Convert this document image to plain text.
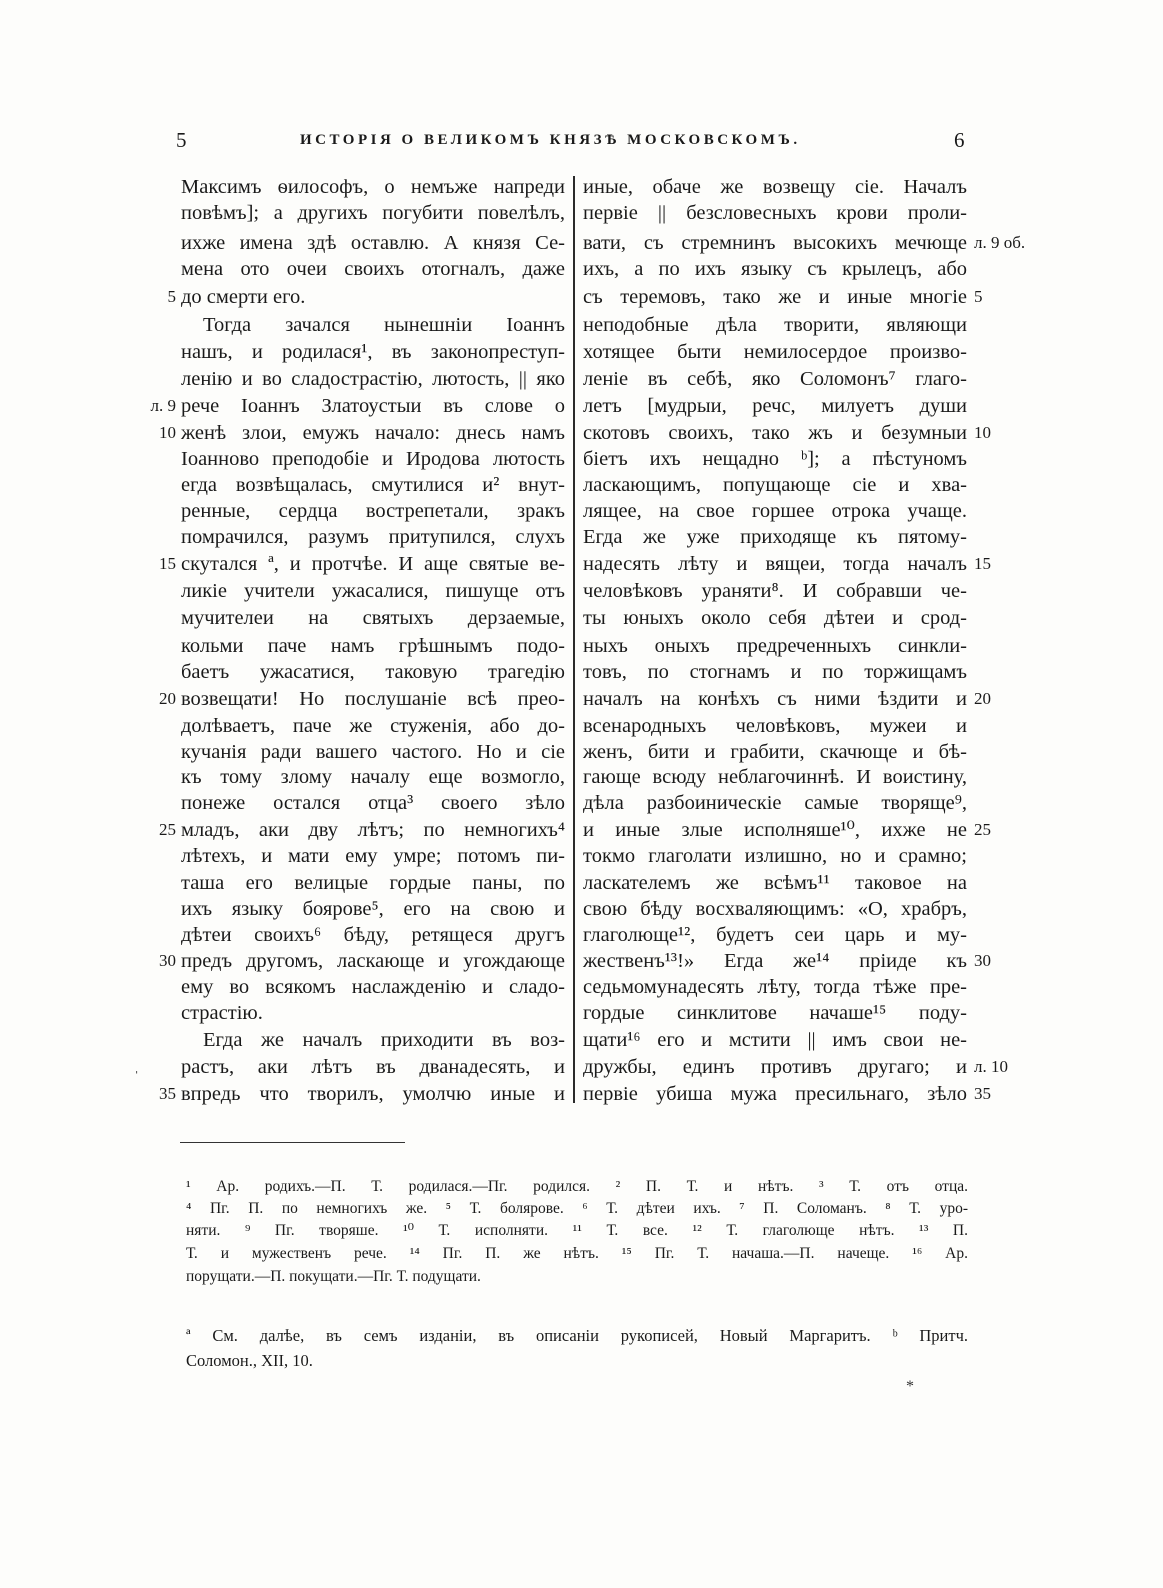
5	ИСТОРІЯ О ВЕЛИКОМЪ КНЯЗѢ МОСКОВСКОМЪ.	6
Максимъ ѳилософъ, о немъже напреди
повѣмъ]; а другихъ погубити повелѣлъ,
ихже имена здѣ оставлю. А князя Се-
мена ото очеи своихъ отогналъ, даже
до смерти его.
Тогда зачался нынешнiи Iоаннъ
нашъ, и родилася¹, въ законопреступ-
ленiю и во сладострастiю, лютость, || яко
рече Iоаннъ Златоустыи въ слове о
женѣ злои, емужъ начало: днесь намъ
Iоанново преподобie и Иродова лютость
егда возвѣщалась, смутилися и² внут-
ренные, сердца вострепетали, зракъ
помрачился, разумъ притупился, слухъ
скутался ª, и протчѣе. И аще святые ве-
ликiе учители ужасалися, пишуще отъ
мучителеи на святыхъ дерзаемые,
кольми паче намъ грѣшнымъ подо-
баетъ ужасатися, таковую трагедiю
возвещати! Но послушанiе всѣ прео-
долѣваетъ, паче же стуженiя, або до-
кучанiя ради вашего частого. Но и сiе
къ тому злому началу еще возмогло,
понеже остался отца³ своего зѣло
младъ, аки дву лѣтъ; по немногихъ⁴
лѣтехъ, и мати ему умре; потомъ пи-
таша его велицые гордые паны, по
ихъ языку боярове⁵, его на свою и
дѣтеи своихъ⁶ бѣду, ретящеся другъ
предъ другомъ, ласкающе и угождающе
ему во всякомъ наслажденiю и сладо-
страстiю.
Егда же началъ приходити въ воз-
растъ, аки лѣтъ въ дванадесять, и
впредь что творилъ, умолчю иные и
5
л. 9
10
15
20
25
30
35
иные, обаче же возвещу сiе. Началъ
первiе || безсловесныхъ крови проли-
вати, съ стремнинъ высокихъ мечюще
ихъ, а по ихъ языку съ крылецъ, або
съ теремовъ, тако же и иные многiе
неподобные дѣла творити, являющи
хотящее быти немилосердое произво-
ленiе въ себѣ, яко Соломонъ⁷ глаго-
летъ [мудрыи, речс, милуетъ души
скотовъ своихъ, тако жъ и безумныи
бiетъ ихъ нещадно ᵇ]; а пѣстуномъ
ласкающимъ, попущающе сiе и хва-
лящее, на свое горшее отрока учаще.
Егда же уже приходяще къ пятому-
надесять лѣту и вящеи, тогда началъ
человѣковъ ураняти⁸. И собравши че-
ты юныхъ около себя дѣтеи и срод-
ныхъ оныхъ предреченныхъ синкли-
товъ, по стогнамъ и по торжищамъ
началъ на конѣхъ съ ними ѣздити и
всенародныхъ человѣковъ, мужеи и
женъ, бити и грабити, скачюще и бѣ-
гающе всюду неблагочиннѣ. И воистину,
дѣла разбоиническiе самые творяще⁹,
и иные злые исполняше¹⁰, ихже не
токмо глаголати излишно, но и срамно;
ласкателемъ же всѣмъ¹¹ таковое на
свою бѣду восхваляющимъ: «О, храбръ,
глаголюще¹², будетъ сеи царь и му-
жественъ¹³!» Егда же¹⁴ прiиде къ
седьмомунадесять лѣту, тогда тѣже пре-
гордые синклитове начаше¹⁵ поду-
щати¹⁶ его и мстити || имъ свои не-
дружбы, единъ противъ другаго; и
первiе убиша мужа пресильнаго, зѣло
л. 9 об.
5
10
15
20
25
30
л. 10
35
¹ Ар. родихъ.—П. Т. родилася.—Пг. родился. ² П. Т. и нѣтъ. ³ Т. отъ отца.
⁴ Пг. П. по немногихъ же. ⁵ Т. болярове. ⁶ Т. дѣтеи ихъ. ⁷ П. Соломанъ. ⁸ Т. уро-
няти. ⁹ Пг. творяше. ¹⁰ Т. исполняти. ¹¹ Т. все. ¹² Т. глаголюще нѣтъ. ¹³ П.
Т. и мужественъ рече. ¹⁴ Пг. П. же нѣтъ. ¹⁵ Пг. Т. начаша.—П. начеще. ¹⁶ Ар.
порущати.—П. покущати.—Пг. Т. подущати.
ª См. далѣе, въ семъ изданiи, въ описанiи рукописей, Новый Маргаритъ. ᵇ Притч.
Соломон., XII, 10.
ˌ
*
